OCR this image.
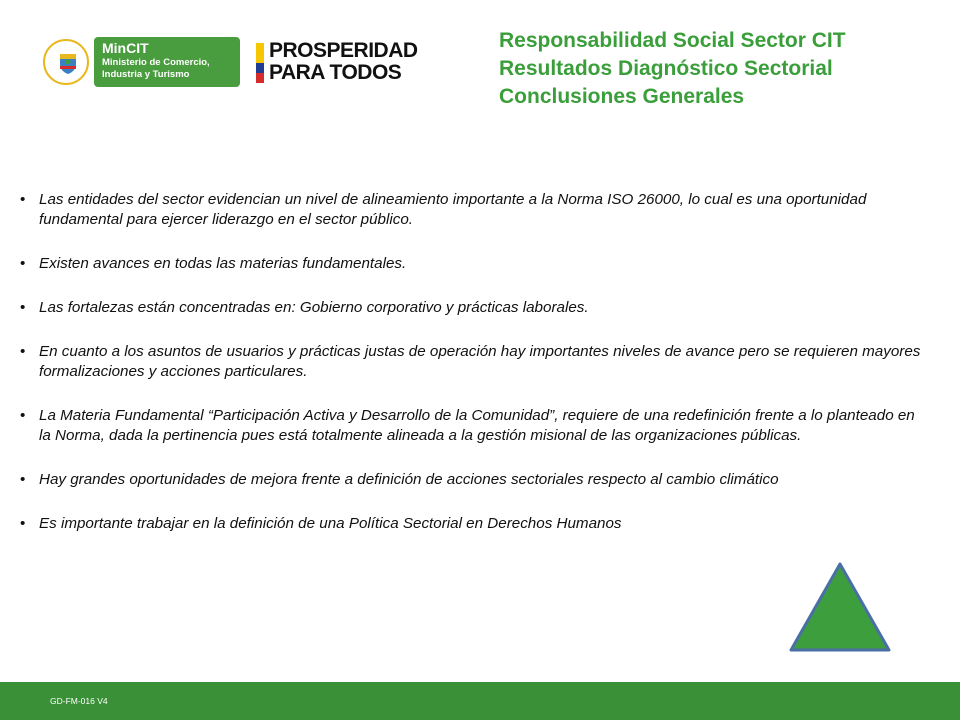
MinCIT
Ministerio de Comercio, Industria y Turismo
PROSPERIDAD
PARA TODOS
Responsabilidad Social Sector CIT
Resultados Diagnóstico Sectorial
Conclusiones Generales
• Las entidades del sector evidencian un nivel de alineamiento importante a la Norma ISO 26000, lo cual es una oportunidad fundamental para ejercer liderazgo en el sector público.
• Existen avances en todas las materias fundamentales.
• Las fortalezas están concentradas en: Gobierno corporativo y prácticas laborales.
• En cuanto a los asuntos de usuarios y prácticas justas de operación hay importantes niveles de avance pero se requieren mayores formalizaciones y acciones particulares.
• La Materia Fundamental “Participación Activa y Desarrollo de la Comunidad”, requiere de una redefinición frente a lo planteado en la Norma, dada la pertinencia pues está totalmente alineada a la gestión misional de las organizaciones públicas.
• Hay grandes oportunidades de mejora frente a definición de acciones sectoriales respecto al cambio climático
• Es importante trabajar en la definición de una Política Sectorial en Derechos Humanos
GD-FM-016 V4
